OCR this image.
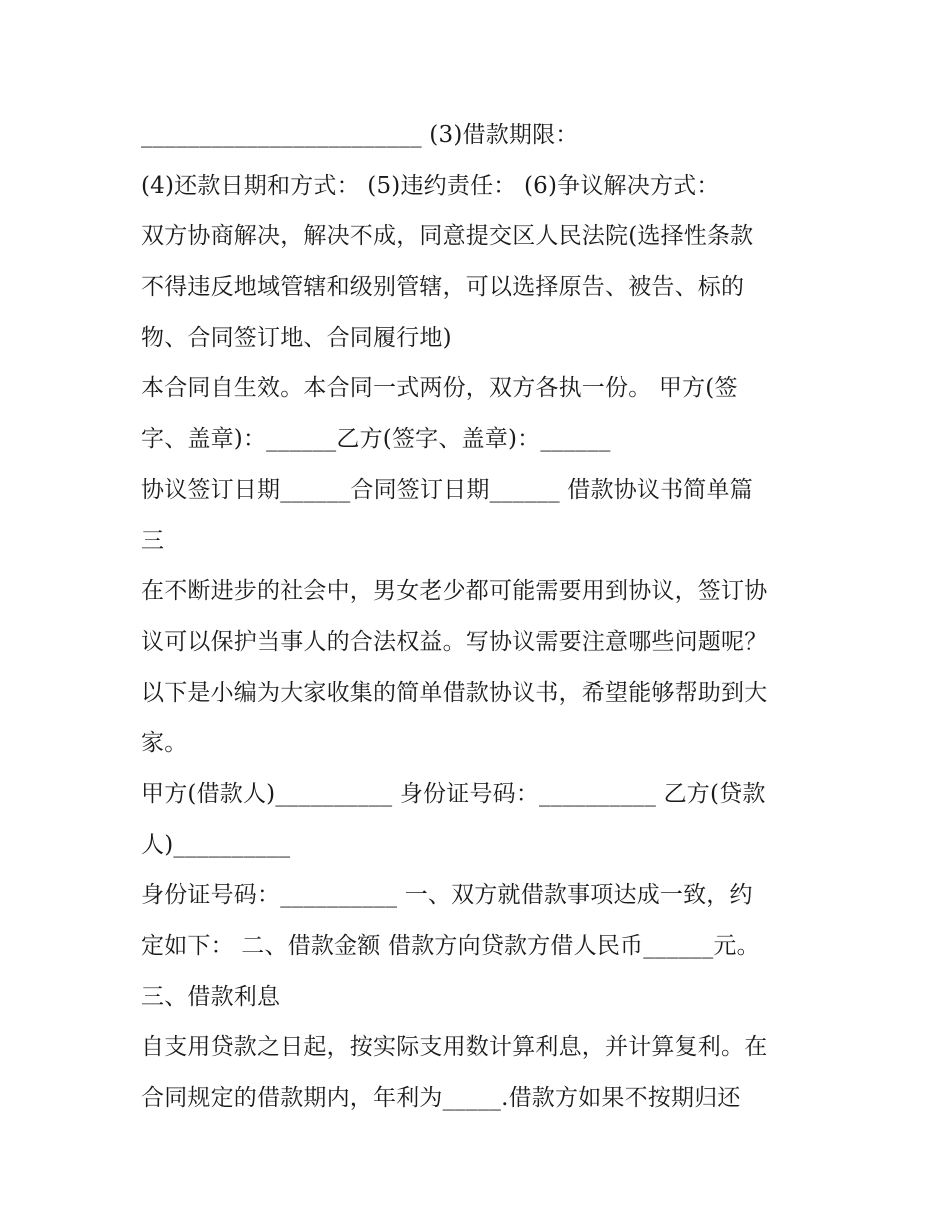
________________________ (3)借款期限：
(4)还款日期和方式： (5)违约责任： (6)争议解决方式：
双方协商解决，解决不成，同意提交区人民法院(选择性条款
不得违反地域管辖和级别管辖，可以选择原告、被告、标的
物、合同签订地、合同履行地)
本合同自生效。本合同一式两份，双方各执一份。 甲方(签
字、盖章)：______乙方(签字、盖章)：______
协议签订日期______合同签订日期______ 借款协议书简单篇
三
在不断进步的社会中，男女老少都可能需要用到协议，签订协
议可以保护当事人的合法权益。写协议需要注意哪些问题呢？
以下是小编为大家收集的简单借款协议书，希望能够帮助到大
家。
甲方(借款人)__________ 身份证号码：__________ 乙方(贷款
人)__________
身份证号码：__________ 一、双方就借款事项达成一致，约
定如下： 二、借款金额 借款方向贷款方借人民币______元。
三、借款利息
自支用贷款之日起，按实际支用数计算利息，并计算复利。在
合同规定的借款期内，年利为_____.借款方如果不按期归还
